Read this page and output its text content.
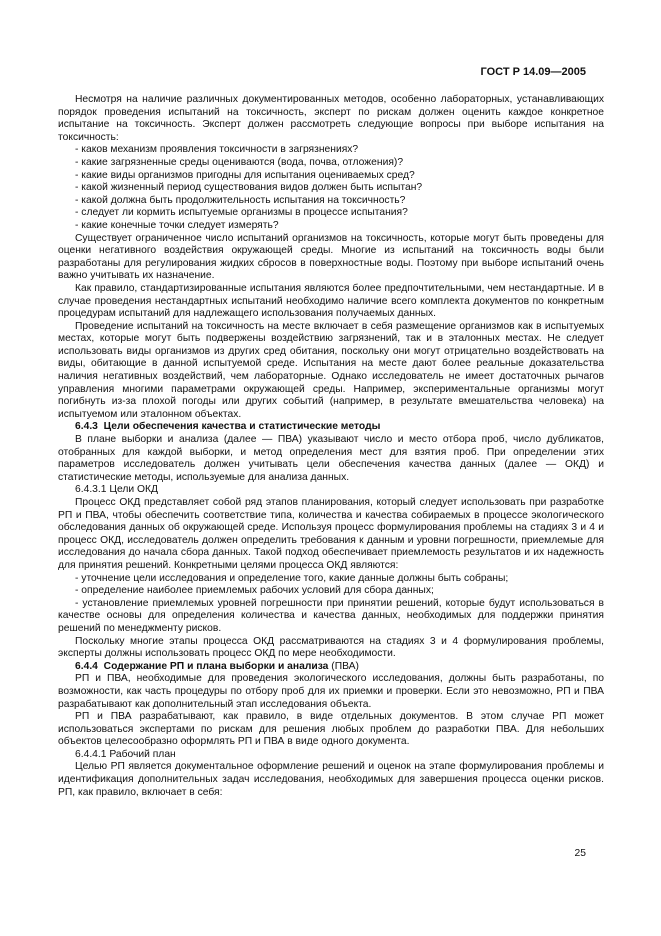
ГОСТ Р 14.09—2005

Несмотря на наличие различных документированных методов, особенно лабораторных, устанавливающих порядок проведения испытаний на токсичность, эксперт по рискам должен оценить каждое конкретное испытание на токсичность. Эксперт должен рассмотреть следующие вопросы при выборе испытания на токсичность:

- каков механизм проявления токсичности в загрязнениях?

- какие загрязненные среды оцениваются (вода, почва, отложения)?

- какие виды организмов пригодны для испытания оцениваемых сред?

- какой жизненный период существования видов должен быть испытан?

- какой должна быть продолжительность испытания на токсичность?

- следует ли кормить испытуемые организмы в процессе испытания?

- какие конечные точки следует измерять?

Существует ограниченное число испытаний организмов на токсичность, которые могут быть проведены для оценки негативного воздействия окружающей среды. Многие из испытаний на токсичность воды были разработаны для регулирования жидких сбросов в поверхностные воды. Поэтому при выборе испытаний очень важно учитывать их назначение.

Как правило, стандартизированные испытания являются более предпочтительными, чем нестандартные. И в случае проведения нестандартных испытаний необходимо наличие всего комплекта документов по конкретным процедурам испытаний для надлежащего использования получаемых данных.

Проведение испытаний на токсичность на месте включает в себя размещение организмов как в испытуемых местах, которые могут быть подвержены воздействию загрязнений, так и в эталонных местах. Не следует использовать виды организмов из других сред обитания, поскольку они могут отрицательно воздействовать на виды, обитающие в данной испытуемой среде. Испытания на месте дают более реальные доказательства наличия негативных воздействий, чем лабораторные. Однако исследователь не имеет достаточных рычагов управления многими параметрами окружающей среды. Например, экспериментальные организмы могут погибнуть из-за плохой погоды или других событий (например, в результате вмешательства человека) на испытуемом или эталонном объектах.

6.4.3 Цели обеспечения качества и статистические методы

В плане выборки и анализа (далее — ПВА) указывают число и место отбора проб, число дубликатов, отобранных для каждой выборки, и метод определения мест для взятия проб. При определении этих параметров исследователь должен учитывать цели обеспечения качества данных (далее — ОКД) и статистические методы, используемые для анализа данных.

6.4.3.1 Цели ОКД

Процесс ОКД представляет собой ряд этапов планирования, который следует использовать при разработке РП и ПВА, чтобы обеспечить соответствие типа, количества и качества собираемых в процессе экологического обследования данных об окружающей среде. Используя процесс формулирования проблемы на стадиях 3 и 4 и процесс ОКД, исследователь должен определить требования к данным и уровни погрешности, приемлемые для исследования до начала сбора данных. Такой подход обеспечивает приемлемость результатов и их надежность для принятия решений. Конкретными целями процесса ОКД являются:

- уточнение цели исследования и определение того, какие данные должны быть собраны;

- определение наиболее приемлемых рабочих условий для сбора данных;

- установление приемлемых уровней погрешности при принятии решений, которые будут использоваться в качестве основы для определения количества и качества данных, необходимых для поддержки принятия решений по менеджменту рисков.

Поскольку многие этапы процесса ОКД рассматриваются на стадиях 3 и 4 формулирования проблемы, эксперты должны использовать процесс ОКД по мере необходимости.

6.4.4 Содержание РП и плана выборки и анализа (ПВА)

РП и ПВА, необходимые для проведения экологического исследования, должны быть разработаны, по возможности, как часть процедуры по отбору проб для их приемки и проверки. Если это невозможно, РП и ПВА разрабатывают как дополнительный этап исследования объекта.

РП и ПВА разрабатывают, как правило, в виде отдельных документов. В этом случае РП может использоваться экспертами по рискам для решения любых проблем до разработки ПВА. Для небольших объектов целесообразно оформлять РП и ПВА в виде одного документа.

6.4.4.1 Рабочий план

Целью РП является документальное оформление решений и оценок на этапе формулирования проблемы и идентификация дополнительных задач исследования, необходимых для завершения процесса оценки рисков. РП, как правило, включает в себя:

25
